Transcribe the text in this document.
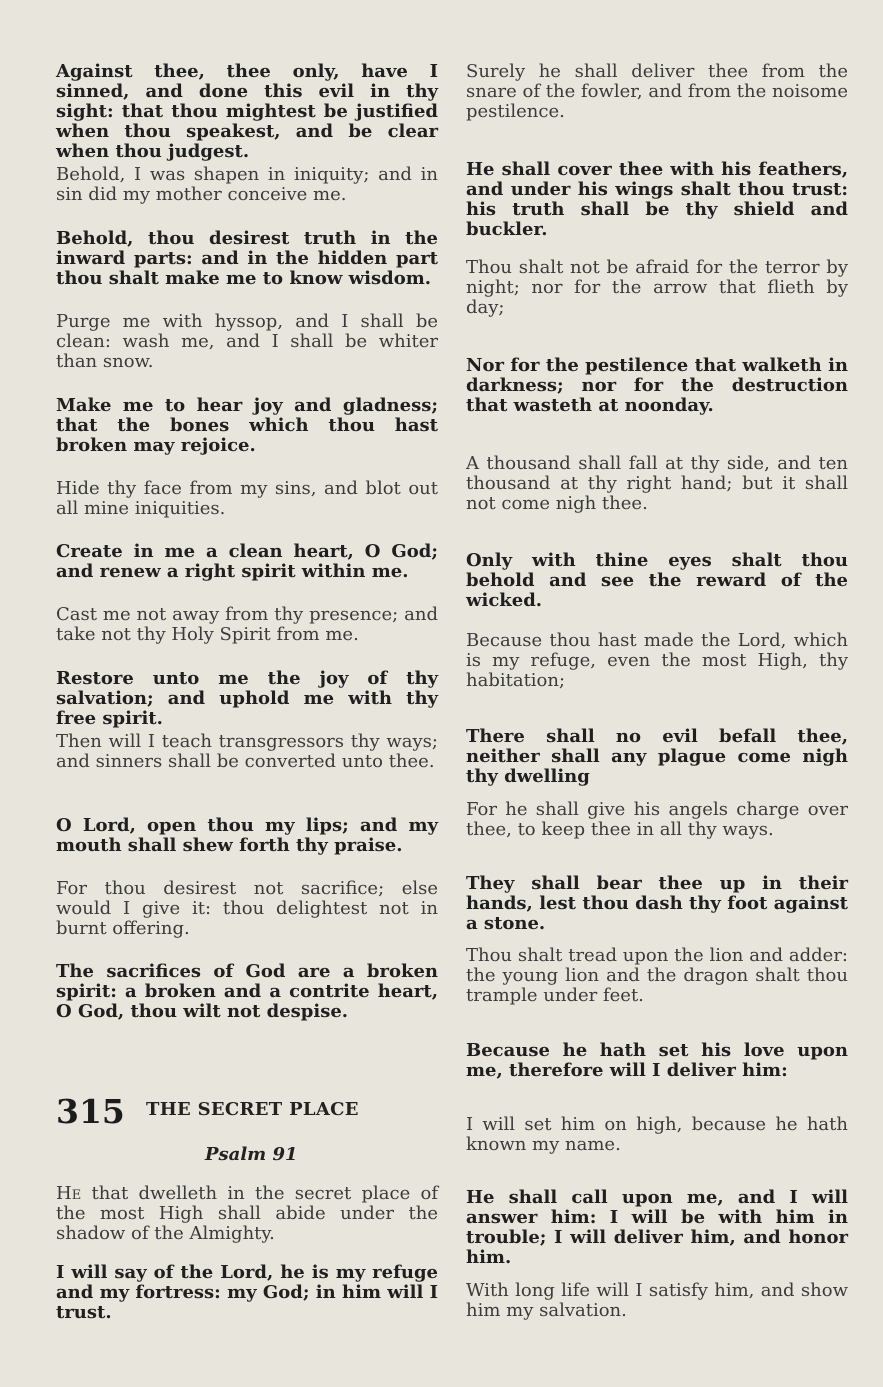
Against thee, thee only, have I sinned, and done this evil in thy sight: that thou mightest be justified when thou speakest, and be clear when thou judgest.

Behold, I was shapen in iniquity; and in sin did my mother conceive me.

Behold, thou desirest truth in the inward parts: and in the hidden part thou shalt make me to know wisdom.

Purge me with hyssop, and I shall be clean: wash me, and I shall be whiter than snow.

Make me to hear joy and gladness; that the bones which thou hast broken may rejoice.

Hide thy face from my sins, and blot out all mine iniquities.

Create in me a clean heart, O God; and renew a right spirit within me.

Cast me not away from thy presence; and take not thy Holy Spirit from me.

Restore unto me the joy of thy salvation; and uphold me with thy free spirit.

Then will I teach transgressors thy ways; and sinners shall be converted unto thee.

O Lord, open thou my lips; and my mouth shall shew forth thy praise.

For thou desirest not sacrifice; else would I give it: thou delightest not in burnt offering.

The sacrifices of God are a broken spirit: a broken and a contrite heart, O God, thou wilt not despise.

315 THE SECRET PLACE
Psalm 91

He that dwelleth in the secret place of the most High shall abide under the shadow of the Almighty.

I will say of the Lord, he is my refuge and my fortress: my God; in him will I trust.

Surely he shall deliver thee from the snare of the fowler, and from the noisome pestilence.

He shall cover thee with his feathers, and under his wings shalt thou trust: his truth shall be thy shield and buckler.

Thou shalt not be afraid for the terror by night; nor for the arrow that flieth by day;

Nor for the pestilence that walketh in darkness; nor for the destruction that wasteth at noonday.

A thousand shall fall at thy side, and ten thousand at thy right hand; but it shall not come nigh thee.

Only with thine eyes shalt thou behold and see the reward of the wicked.

Because thou hast made the Lord, which is my refuge, even the most High, thy habitation;

There shall no evil befall thee, neither shall any plague come nigh thy dwelling

For he shall give his angels charge over thee, to keep thee in all thy ways.

They shall bear thee up in their hands, lest thou dash thy foot against a stone.

Thou shalt tread upon the lion and adder: the young lion and the dragon shalt thou trample under feet.

Because he hath set his love upon me, therefore will I deliver him:

I will set him on high, because he hath known my name.

He shall call upon me, and I will answer him: I will be with him in trouble; I will deliver him, and honor him.

With long life will I satisfy him, and show him my salvation.
